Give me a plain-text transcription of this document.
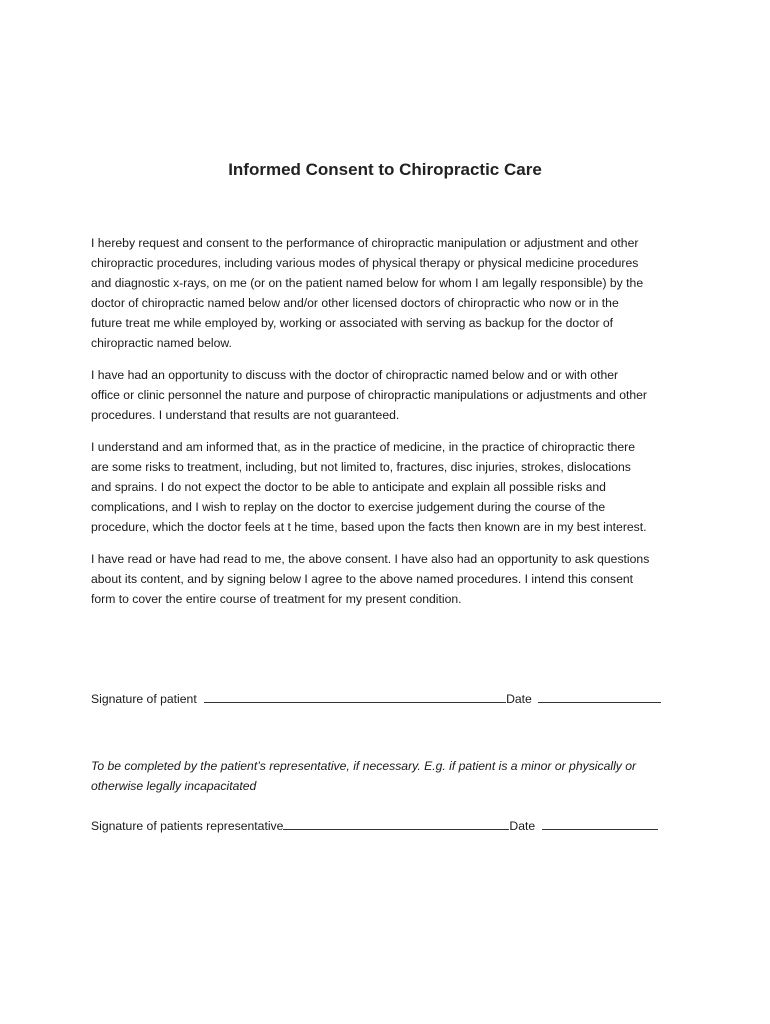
Informed Consent to Chiropractic Care

I hereby request and consent to the performance of chiropractic manipulation or adjustment and other
chiropractic procedures, including various modes of physical therapy or physical medicine procedures
and diagnostic x-rays, on me (or on the patient named below for whom I am legally responsible) by the
doctor of chiropractic named below and/or other licensed doctors of chiropractic who now or in the
future treat me while employed by, working or associated with serving as backup for the doctor of
chiropractic named below.

I have had an opportunity to discuss with the doctor of chiropractic named below and or with other
office or clinic personnel the nature and purpose of chiropractic manipulations or adjustments and other
procedures. I understand that results are not guaranteed.

I understand and am informed that, as in the practice of medicine, in the practice of chiropractic there
are some risks to treatment, including, but not limited to, fractures, disc injuries, strokes, dislocations
and sprains. I do not expect the doctor to be able to anticipate and explain all possible risks and
complications, and I wish to replay on the doctor to exercise judgement during the course of the
procedure, which the doctor feels at t he time, based upon the facts then known are in my best interest.

I have read or have had read to me, the above consent. I have also had an opportunity to ask questions
about its content, and by signing below I agree to the above named procedures. I intend this consent
form to cover the entire course of treatment for my present condition.

Signature of patient	Date
To be completed by the patient’s representative, if necessary. E.g. if patient is a minor or physically or
otherwise legally incapacitated
Signature of patients representative	Date
